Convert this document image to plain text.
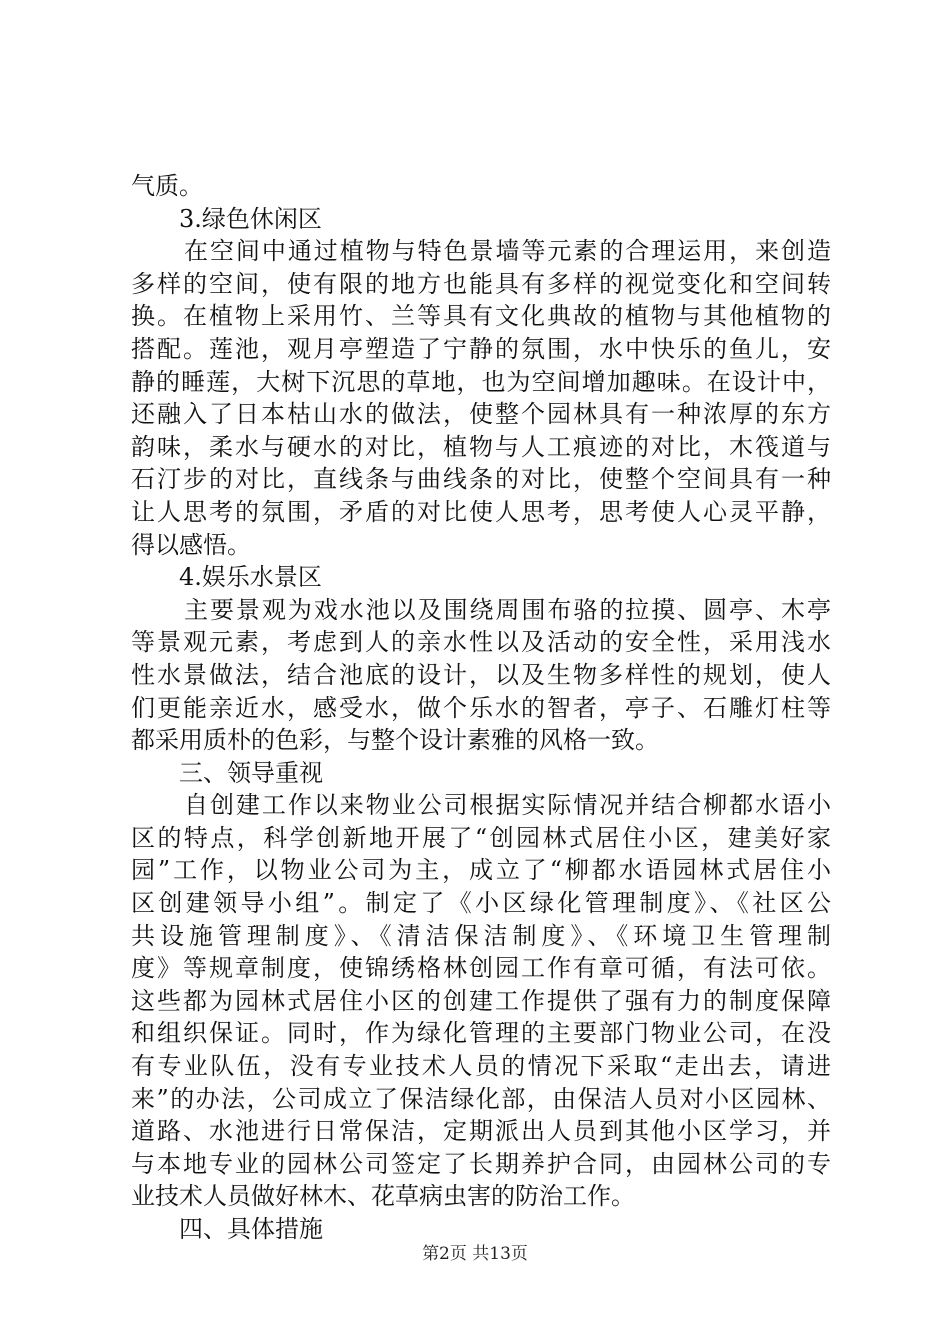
气质。
3.绿色休闲区
在空间中通过植物与特色景墙等元素的合理运用，来创造
多样的空间，使有限的地方也能具有多样的视觉变化和空间转
换。在植物上采用竹、兰等具有文化典故的植物与其他植物的
搭配。莲池，观月亭塑造了宁静的氛围，水中快乐的鱼儿，安
静的睡莲，大树下沉思的草地，也为空间增加趣味。在设计中，
还融入了日本枯山水的做法，使整个园林具有一种浓厚的东方
韵味，柔水与硬水的对比，植物与人工痕迹的对比，木筏道与
石汀步的对比，直线条与曲线条的对比，使整个空间具有一种
让人思考的氛围，矛盾的对比使人思考，思考使人心灵平静，
得以感悟。
4.娱乐水景区
主要景观为戏水池以及围绕周围布骆的拉摸、圆亭、木亭
等景观元素，考虑到人的亲水性以及活动的安全性，采用浅水
性水景做法，结合池底的设计，以及生物多样性的规划，使人
们更能亲近水，感受水，做个乐水的智者，亭子、石雕灯柱等
都采用质朴的色彩，与整个设计素雅的风格一致。
三、领导重视
自创建工作以来物业公司根据实际情况并结合柳都水语小
区的特点，科学创新地开展了“创园林式居住小区，建美好家
园”工作，以物业公司为主，成立了“柳都水语园林式居住小
区创建领导小组”。制定了《小区绿化管理制度》、《社区公
共设施管理制度》、《清洁保洁制度》、《环境卫生管理制
度》等规章制度，使锦绣格林创园工作有章可循，有法可依。
这些都为园林式居住小区的创建工作提供了强有力的制度保障
和组织保证。同时，作为绿化管理的主要部门物业公司，在没
有专业队伍，没有专业技术人员的情况下采取“走出去，请进
来”的办法，公司成立了保洁绿化部，由保洁人员对小区园林、
道路、水池进行日常保洁，定期派出人员到其他小区学习，并
与本地专业的园林公司签定了长期养护合同，由园林公司的专
业技术人员做好林木、花草病虫害的防治工作。
四、具体措施
第2页 共13页
